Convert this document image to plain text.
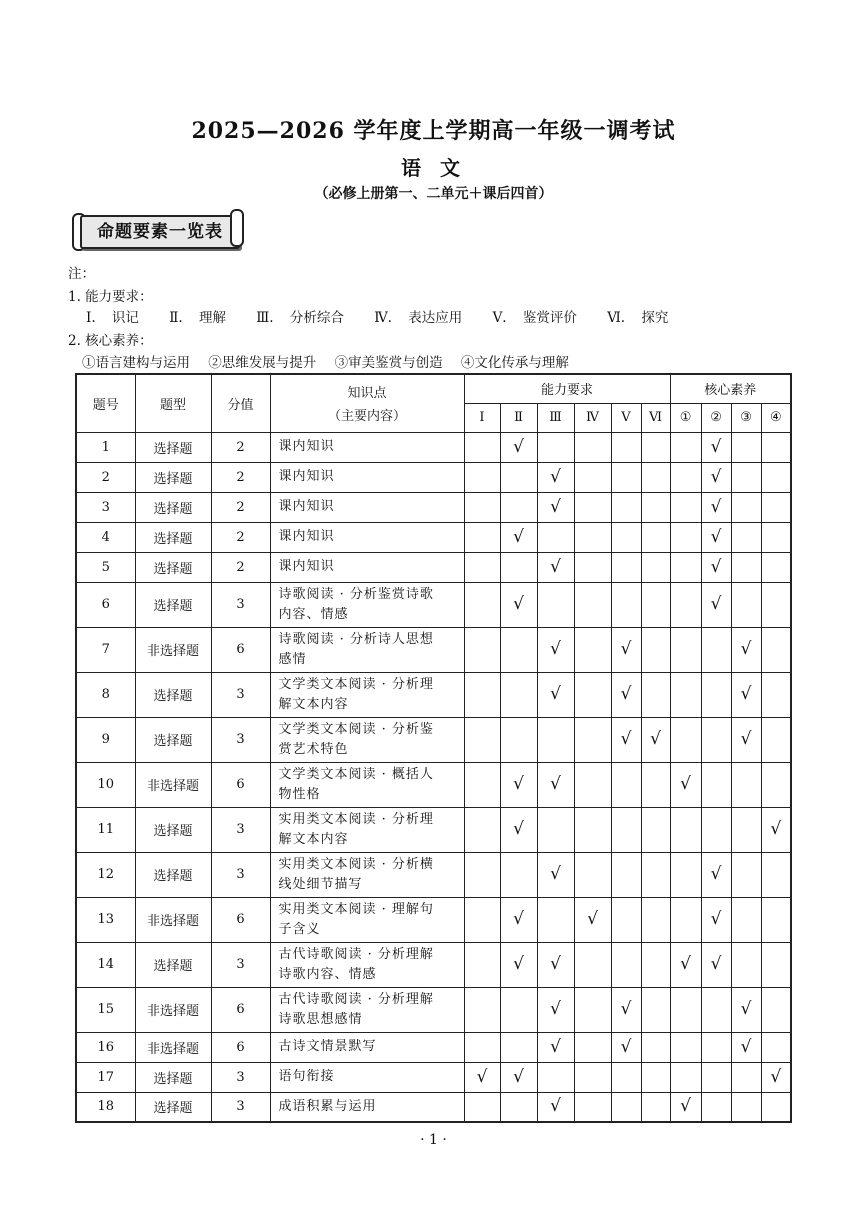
2025—2026 学年度上学期高一年级一调考试
语 文
（必修上册第一、二单元＋课后四首）
命题要素一览表
注：
1. 能力要求：
Ⅰ. 识记 Ⅱ. 理解 Ⅲ. 分析综合 Ⅳ. 表达应用 Ⅴ. 鉴赏评价 Ⅵ. 探究
2. 核心素养：
①语言建构与运用 ②思维发展与提升 ③审美鉴赏与创造 ④文化传承与理解
题号	题型	分值	知识点
（主要内容）	能力要求						核心素养			
				Ⅰ	Ⅱ	Ⅲ	Ⅳ	Ⅴ	Ⅵ	①	②	③	④
1	选择题	2	课内知识		√						√		
2	选择题	2	课内知识			√					√		
3	选择题	2	课内知识			√					√		
4	选择题	2	课内知识		√						√		
5	选择题	2	课内知识			√					√		
6	选择题	3	诗歌阅读 · 分析鉴赏诗歌
内容、情感		√						√		
7	非选择题	6	诗歌阅读 · 分析诗人思想
感情			√		√				√	
8	选择题	3	文学类文本阅读 · 分析理
解文本内容			√		√				√	
9	选择题	3	文学类文本阅读 · 分析鉴
赏艺术特色					√	√			√	
10	非选择题	6	文学类文本阅读 · 概括人
物性格		√	√				√			
11	选择题	3	实用类文本阅读 · 分析理
解文本内容		√								√
12	选择题	3	实用类文本阅读 · 分析横
线处细节描写			√					√		
13	非选择题	6	实用类文本阅读 · 理解句
子含义		√		√				√		
14	选择题	3	古代诗歌阅读 · 分析理解
诗歌内容、情感		√	√				√	√		
15	非选择题	6	古代诗歌阅读 · 分析理解
诗歌思想感情			√		√				√	
16	非选择题	6	古诗文情景默写			√		√				√	
17	选择题	3	语句衔接	√	√								√
18	选择题	3	成语积累与运用			√				√			
· 1 ·
